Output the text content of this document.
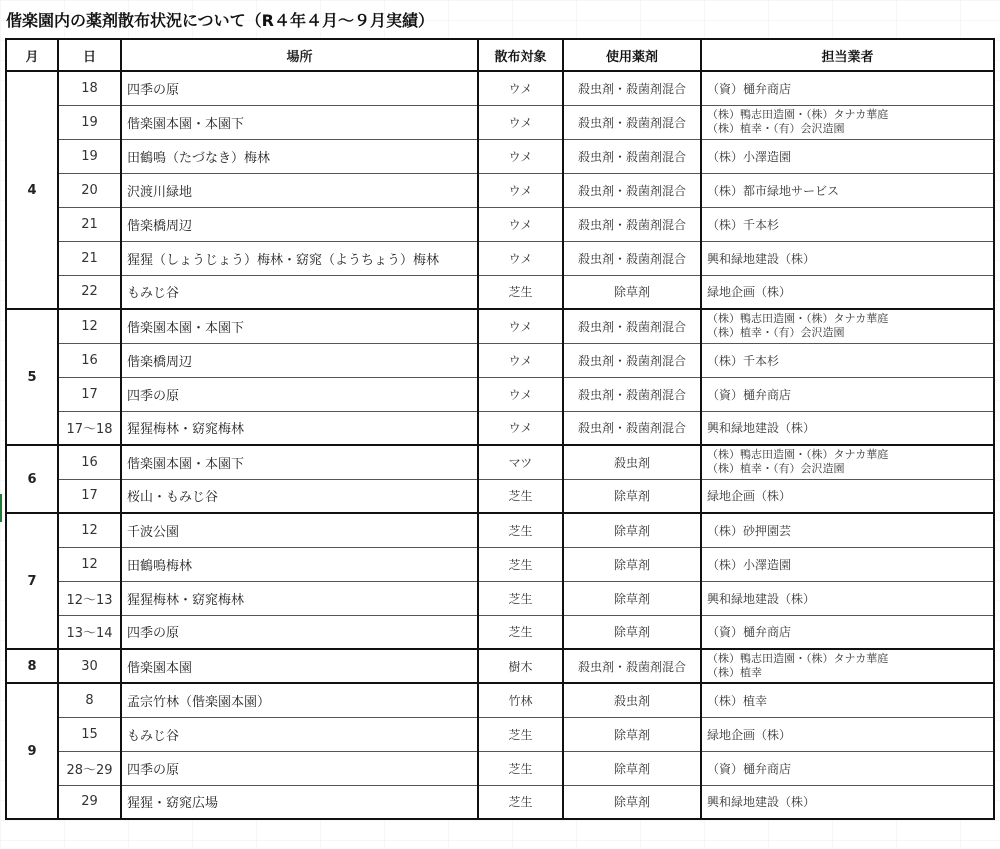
偕楽園内の薬剤散布状況について（R４年４月～９月実績）
月	日	場所	散布対象	使用薬剤	担当業者
4	18	四季の原	ウメ	殺虫剤・殺菌剤混合	（資）樋弁商店
	19	偕楽園本園・本園下	ウメ	殺虫剤・殺菌剤混合	（株）鴨志田造園・（株）タナカ華庭
（株）植幸・（有）会沢造園

	19	田鶴鳴（たづなき）梅林	ウメ	殺虫剤・殺菌剤混合	（株）小澤造園
	20	沢渡川緑地	ウメ	殺虫剤・殺菌剤混合	（株）都市緑地サービス
	21	偕楽橋周辺	ウメ	殺虫剤・殺菌剤混合	（株）千本杉
	21	猩猩（しょうじょう）梅林・窈窕（ようちょう）梅林	ウメ	殺虫剤・殺菌剤混合	興和緑地建設（株）
	22	もみじ谷	芝生	除草剤	緑地企画（株）
5	12	偕楽園本園・本園下	ウメ	殺虫剤・殺菌剤混合	（株）鴨志田造園・（株）タナカ華庭
（株）植幸・（有）会沢造園

	16	偕楽橋周辺	ウメ	殺虫剤・殺菌剤混合	（株）千本杉
	17	四季の原	ウメ	殺虫剤・殺菌剤混合	（資）樋弁商店
	17～18	猩猩梅林・窈窕梅林	ウメ	殺虫剤・殺菌剤混合	興和緑地建設（株）
6	16	偕楽園本園・本園下	マツ	殺虫剤	（株）鴨志田造園・（株）タナカ華庭
（株）植幸・（有）会沢造園

	17	桜山・もみじ谷	芝生	除草剤	緑地企画（株）
7	12	千波公園	芝生	除草剤	（株）砂押園芸
	12	田鶴鳴梅林	芝生	除草剤	（株）小澤造園
	12～13	猩猩梅林・窈窕梅林	芝生	除草剤	興和緑地建設（株）
	13～14	四季の原	芝生	除草剤	（資）樋弁商店
8	30	偕楽園本園	樹木	殺虫剤・殺菌剤混合	（株）鴨志田造園・（株）タナカ華庭
（株）植幸

9	8	孟宗竹林（偕楽園本園）	竹林	殺虫剤	（株）植幸
	15	もみじ谷	芝生	除草剤	緑地企画（株）
	28～29	四季の原	芝生	除草剤	（資）樋弁商店
	29	猩猩・窈窕広場	芝生	除草剤	興和緑地建設（株）
